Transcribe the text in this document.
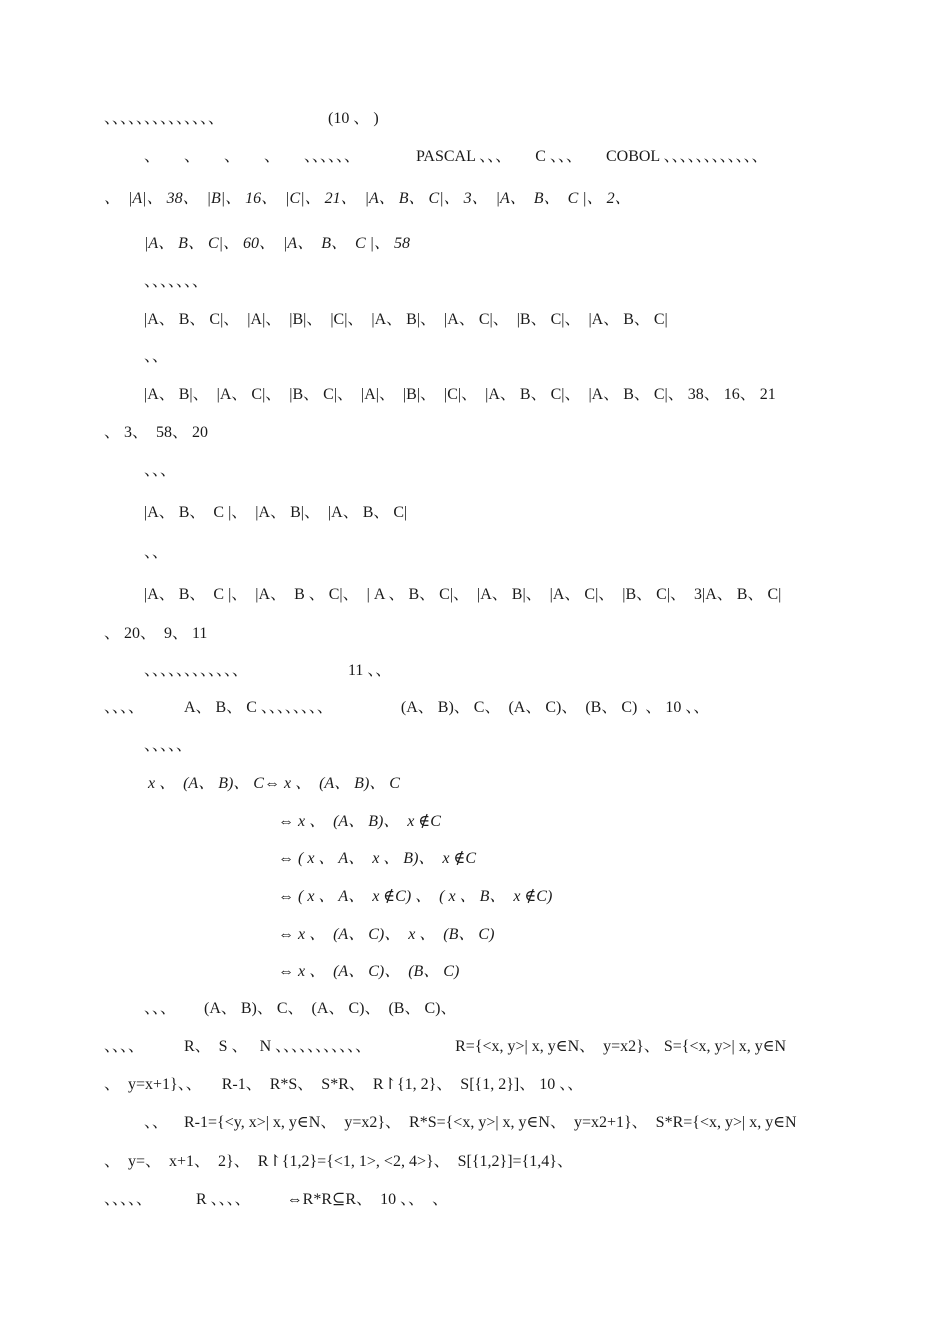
、、、、、、、、、、、、、、                          (10 、 )
、      、      、      、      、、、、、、              PASCAL 、、、      C 、、、      COBOL 、、、、、、、、、、、、
、  |A|、 38、  |B|、 16、  |C|、 21、  |A、 B、 C|、 3、  |A、  B、  C |、 2、
|A、 B、 C|、 60、  |A、  B、  C |、 58
、、、、、、、
|A、 B、 C|、  |A|、  |B|、  |C|、  |A、 B|、  |A、 C|、  |B、 C|、  |A、 B、 C|
、、
|A、 B|、  |A、 C|、  |B、 C|、  |A|、  |B|、  |C|、  |A、 B、 C|、  |A、 B、 C|、 38、 16、 21
、 3、  58、 20
、、、
|A、 B、  C |、  |A、 B|、  |A、 B、 C|
、、
|A、 B、  C |、  |A、  B 、 C|、  | A 、 B、 C|、  |A、 B|、  |A、 C|、  |B、 C|、  3|A、 B、 C|
、 20、  9、 11
、、、、、、、、、、、、                         11 、、
、、、、          A、 B、 C 、、、、、、、、                 (A、 B)、 C、  (A、 C)、  (B、 C)  、 10 、、
、、、、、
x 、  (A、 B)、 C⇔ x 、  (A、 B)、 C
⇔ x 、  (A、 B)、  x ∉C
⇔ ( x 、 A、  x 、 B)、  x ∉C
⇔ ( x 、 A、  x ∉C) 、  ( x 、 B、  x ∉C)
⇔ x 、  (A、 C)、  x 、  (B、 C)
⇔ x 、  (A、 C)、  (B、 C)
、、、       (A、 B)、 C、  (A、 C)、  (B、 C)、
、、、、          R、  S 、   N 、、、、、、、、、、、                     R={<x, y>| x, y∈N、  y=x2}、 S={<x, y>| x, y∈N
、  y=x+1}、、     R-1、  R*S、  S*R、  R↾{1, 2}、  S[{1, 2}]、 10 、、
、、    R-1={<y, x>| x, y∈N、  y=x2}、  R*S={<x, y>| x, y∈N、  y=x2+1}、  S*R={<x, y>| x, y∈N
、  y=、  x+1、  2}、  R↾{1,2}={<1, 1>, <2, 4>}、  S[{1,2}]={1,4}、
、、、、、           R 、、、、         ⇔R*R⊆R、  10 、、  、
